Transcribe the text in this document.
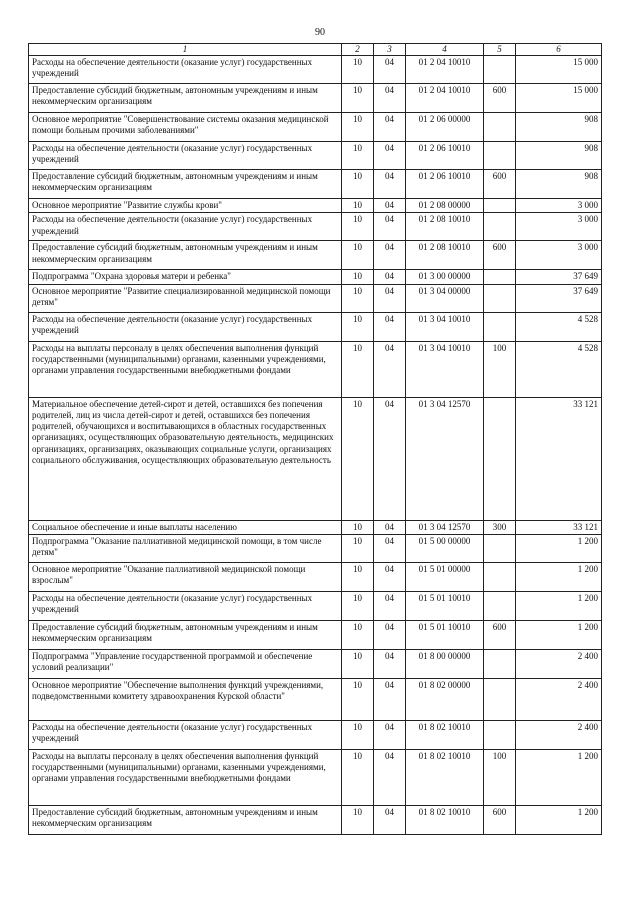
90
1	2	3	4	5	6
Расходы на обеспечение деятельности (оказание услуг) государственных учреждений	10	04	01 2 04 10010		15 000
Предоставление субсидий бюджетным, автономным учреждениям и иным некоммерческим организациям	10	04	01 2 04 10010	600	15 000
Основное мероприятие "Совершенствование системы оказания медицинской помощи больным прочими заболеваниями"	10	04	01 2 06 00000		908
Расходы на обеспечение деятельности (оказание услуг) государственных учреждений	10	04	01 2 06 10010		908
Предоставление субсидий бюджетным, автономным учреждениям и иным некоммерческим организациям	10	04	01 2 06 10010	600	908
Основное мероприятие "Развитие службы крови"	10	04	01 2 08 00000		3 000
Расходы на обеспечение деятельности (оказание услуг) государственных учреждений	10	04	01 2 08 10010		3 000
Предоставление субсидий бюджетным, автономным учреждениям и иным некоммерческим организациям	10	04	01 2 08 10010	600	3 000
Подпрограмма "Охрана здоровья матери и ребенка"	10	04	01 3 00 00000		37 649
Основное мероприятие "Развитие специализированной медицинской помощи детям"	10	04	01 3 04 00000		37 649
Расходы на обеспечение деятельности (оказание услуг) государственных учреждений	10	04	01 3 04 10010		4 528
Расходы на выплаты персоналу в целях обеспечения выполнения функций государственными (муниципальными) органами, казенными учреждениями, органами управления государственными внебюджетными фондами	10	04	01 3 04 10010	100	4 528
Материальное обеспечение детей-сирот и детей, оставшихся без попечения родителей, лиц из числа детей-сирот и детей, оставшихся без попечения родителей, обучающихся и воспитывающихся в областных государственных организациях, осуществляющих образовательную деятельность, медицинских организациях, организациях, оказывающих социальные услуги, организациях социального обслуживания, осуществляющих образовательную деятельность	10	04	01 3 04 12570		33 121
Социальное обеспечение и иные выплаты населению	10	04	01 3 04 12570	300	33 121
Подпрограмма "Оказание паллиативной медицинской помощи, в том числе детям"	10	04	01 5 00 00000		1 200
Основное мероприятие "Оказание паллиативной медицинской помощи взрослым"	10	04	01 5 01 00000		1 200
Расходы на обеспечение деятельности (оказание услуг) государственных учреждений	10	04	01 5 01 10010		1 200
Предоставление субсидий бюджетным, автономным учреждениям и иным некоммерческим организациям	10	04	01 5 01 10010	600	1 200
Подпрограмма "Управление государственной программой и обеспечение условий реализации"	10	04	01 8 00 00000		2 400
Основное мероприятие "Обеспечение выполнения функций учреждениями, подведомственными комитету здравоохранения Курской области"	10	04	01 8 02 00000		2 400
Расходы на обеспечение деятельности (оказание услуг) государственных учреждений	10	04	01 8 02 10010		2 400
Расходы на выплаты персоналу в целях обеспечения выполнения функций государственными (муниципальными) органами, казенными учреждениями, органами управления государственными внебюджетными фондами	10	04	01 8 02 10010	100	1 200
Предоставление субсидий бюджетным, автономным учреждениям и иным некоммерческим организациям	10	04	01 8 02 10010	600	1 200
